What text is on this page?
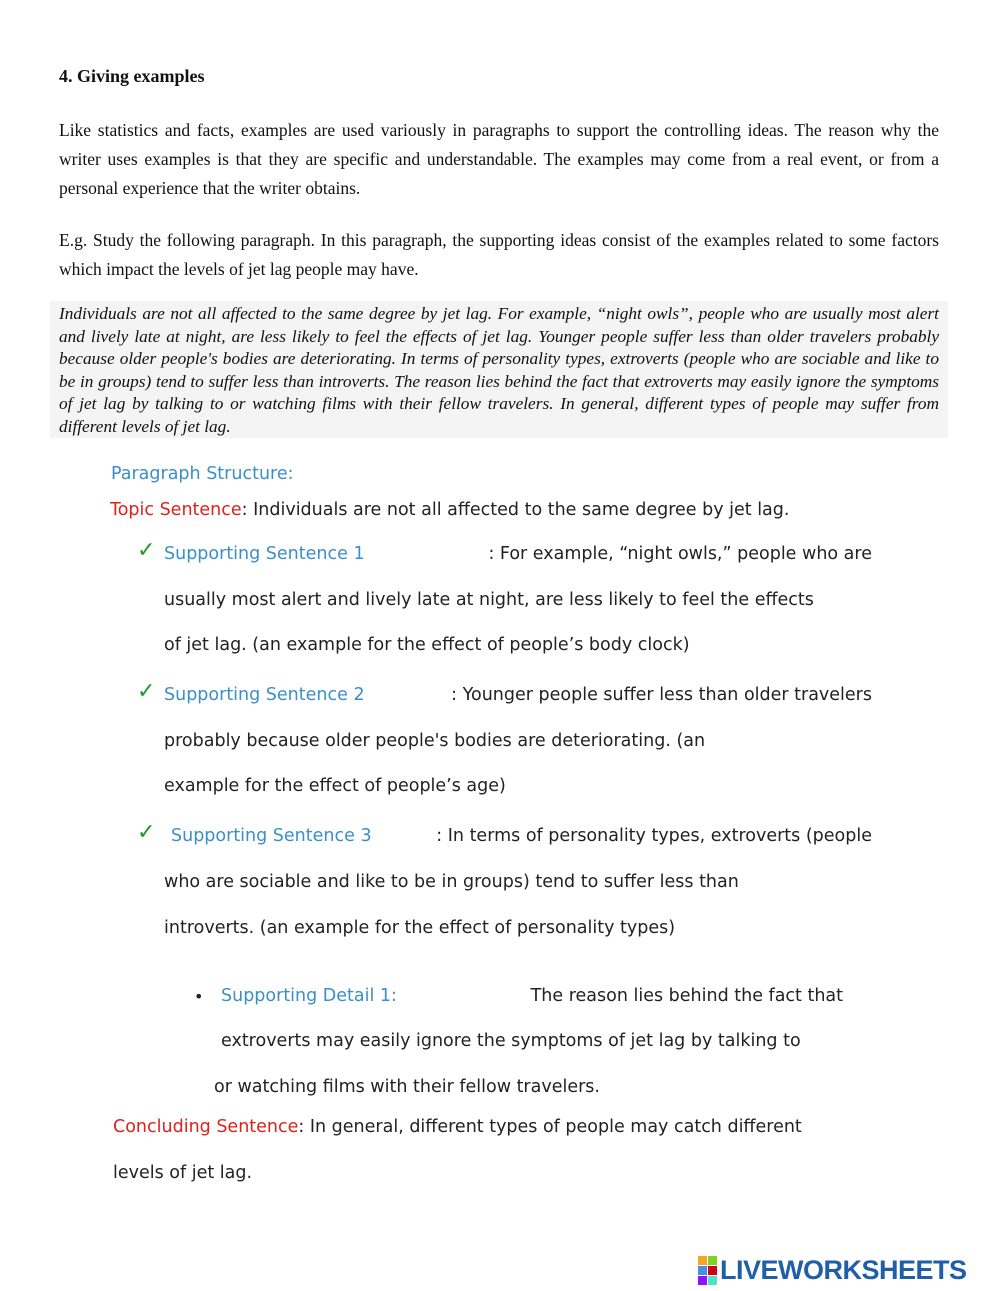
4. Giving examples
Like statistics and facts, examples are used variously in paragraphs to support the controlling ideas. The reason why the writer uses examples is that they are specific and understandable. The examples may come from a real event, or from a personal experience that the writer obtains.
E.g. Study the following paragraph. In this paragraph, the supporting ideas consist of the examples related to some factors which impact the levels of jet lag people may have.
Individuals are not all affected to the same degree by jet lag. For example, “night owls”, people who are usually most alert and lively late at night, are less likely to feel the effects of jet lag. Younger people suffer less than older travelers probably because older people's bodies are deteriorating. In terms of personality types, extroverts (people who are sociable and like to be in groups) tend to suffer less than introverts. The reason lies behind the fact that extroverts may easily ignore the symptoms of jet lag by talking to or watching films with their fellow travelers. In general, different types of people may suffer from different levels of jet lag.
Paragraph Structure:
Topic Sentence: Individuals are not all affected to the same degree by jet lag.
✓ Supporting Sentence 1	: For example, “night owls,” people who are
usually most alert and lively late at night, are less likely to feel the effects
of jet lag. (an example for the effect of people’s body clock)
✓ Supporting Sentence 2	: Younger people suffer less than older travelers
probably because older people's bodies are deteriorating. (an
example for the effect of people’s age)
✓ Supporting Sentence 3	: In terms of personality types, extroverts (people
who are sociable and like to be in groups) tend to suffer less than
introverts. (an example for the effect of personality types)
• Supporting Detail 1:	The reason lies behind the fact that
extroverts may easily ignore the symptoms of jet lag by talking to
or watching films with their fellow travelers.
Concluding Sentence: In general, different types of people may catch different
levels of jet lag.
LIVEWORKSHEETS
